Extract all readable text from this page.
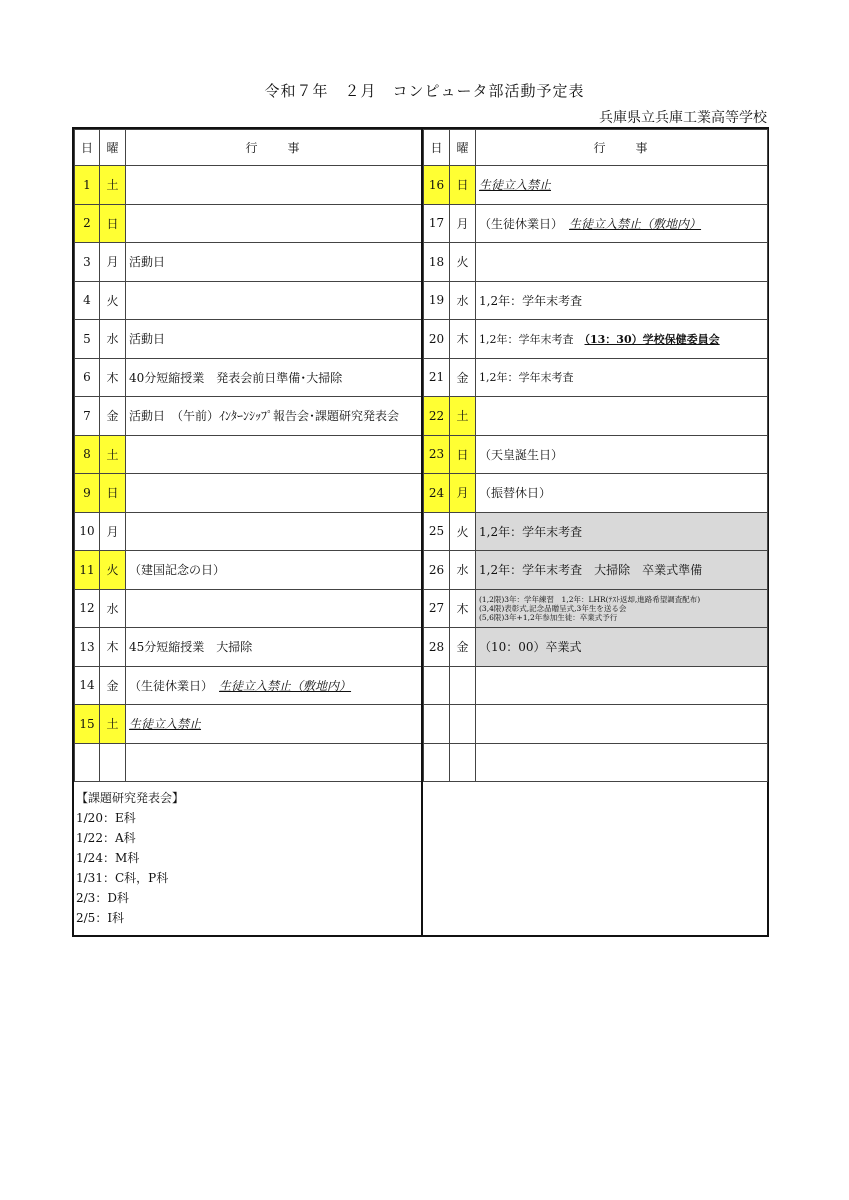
令和７年　２月　コンピュータ部活動予定表
兵庫県立兵庫工業高等学校
日	曜	行　　事
1	土	
2	日	
3	月	活動日
4	火	
5	水	活動日
6	木	40分短縮授業　発表会前日準備･大掃除
7	金	活動日　（午前）ｲﾝﾀｰﾝｼｯﾌﾟ報告会･課題研究発表会
8	土	
9	日	
10	月	
11	火	（建国記念の日）
12	水	
13	木	45分短縮授業　大掃除
14	金	（生徒休業日）　 生徒立入禁止（敷地内）
15	土	生徒立入禁止

日	曜	行　　事
16	日	生徒立入禁止
17	月	（生徒休業日）　 生徒立入禁止（敷地内）
18	火	
19	水	1,2年：学年末考査
20	木	1,2年：学年末考査　 （13：30）学校保健委員会
21	金	1,2年：学年末考査
22	土	
23	日	（天皇誕生日）
24	月	（振替休日）
25	火	1,2年：学年末考査
26	水	1,2年：学年末考査　大掃除　卒業式準備
27	木	(1,2限)3年：学年練習　1,2年：LHR(ﾃｽﾄ返却,進路希望調査配布)
(3,4限)表彰式,記念品贈呈式,3年生を送る会
(5,6限)3年+1,2年参加生徒：卒業式予行

28	金	（10：00）卒業式

【課題研究発表会】
1/20：E科
1/22：A科
1/24：M科
1/31：C科，P科
2/3：D科
2/5：I科
